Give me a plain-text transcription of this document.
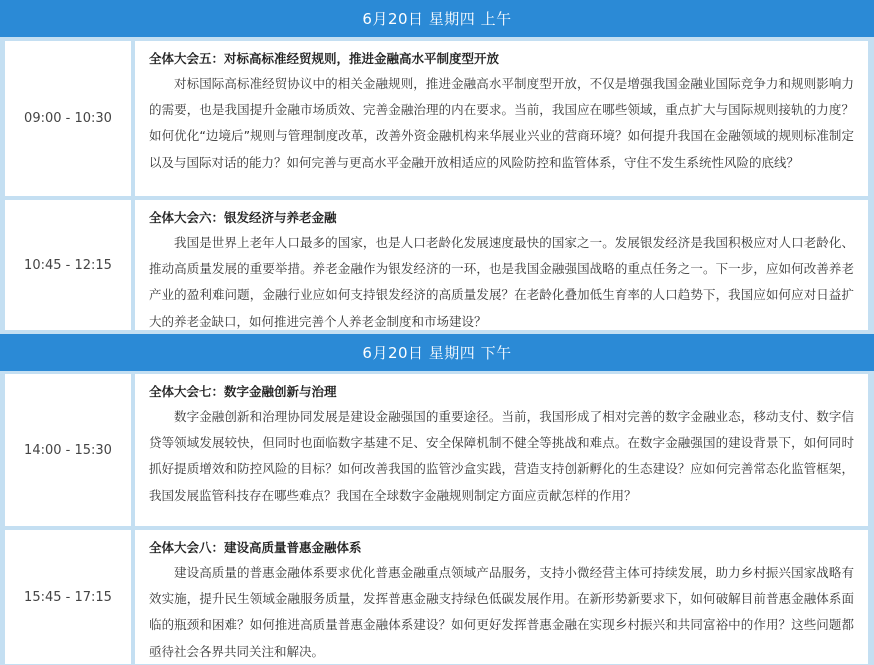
6月20日 星期四 上午
09:00 - 10:30
全体大会五：对标高标准经贸规则，推进金融高水平制度型开放

对标国际高标准经贸协议中的相关金融规则，推进金融高水平制度型开放，不仅是增强我国金融业国际竞争力和规则影响力的需要，也是我国提升金融市场质效、完善金融治理的内在要求。当前，我国应在哪些领域，重点扩大与国际规则接轨的力度？如何优化“边境后”规则与管理制度改革，改善外资金融机构来华展业兴业的营商环境？如何提升我国在金融领域的规则标准制定以及与国际对话的能力？如何完善与更高水平金融开放相适应的风险防控和监管体系，守住不发生系统性风险的底线？

10:45 - 12:15
全体大会六：银发经济与养老金融

我国是世界上老年人口最多的国家，也是人口老龄化发展速度最快的国家之一。发展银发经济是我国积极应对人口老龄化、推动高质量发展的重要举措。养老金融作为银发经济的一环，也是我国金融强国战略的重点任务之一。下一步，应如何改善养老产业的盈利难问题，金融行业应如何支持银发经济的高质量发展？在老龄化叠加低生育率的人口趋势下，我国应如何应对日益扩大的养老金缺口，如何推进完善个人养老金制度和市场建设？

6月20日 星期四 下午
14:00 - 15:30
全体大会七：数字金融创新与治理

数字金融创新和治理协同发展是建设金融强国的重要途径。当前，我国形成了相对完善的数字金融业态，移动支付、数字信贷等领域发展较快，但同时也面临数字基建不足、安全保障机制不健全等挑战和难点。在数字金融强国的建设背景下，如何同时抓好提质增效和防控风险的目标？如何改善我国的监管沙盒实践，营造支持创新孵化的生态建设？应如何完善常态化监管框架，我国发展监管科技存在哪些难点？我国在全球数字金融规则制定方面应贡献怎样的作用？

15:45 - 17:15
全体大会八：建设高质量普惠金融体系

建设高质量的普惠金融体系要求优化普惠金融重点领域产品服务，支持小微经营主体可持续发展，助力乡村振兴国家战略有效实施，提升民生领域金融服务质量，发挥普惠金融支持绿色低碳发展作用。在新形势新要求下，如何破解目前普惠金融体系面临的瓶颈和困难？如何推进高质量普惠金融体系建设？如何更好发挥普惠金融在实现乡村振兴和共同富裕中的作用？这些问题都亟待社会各界共同关注和解决。
